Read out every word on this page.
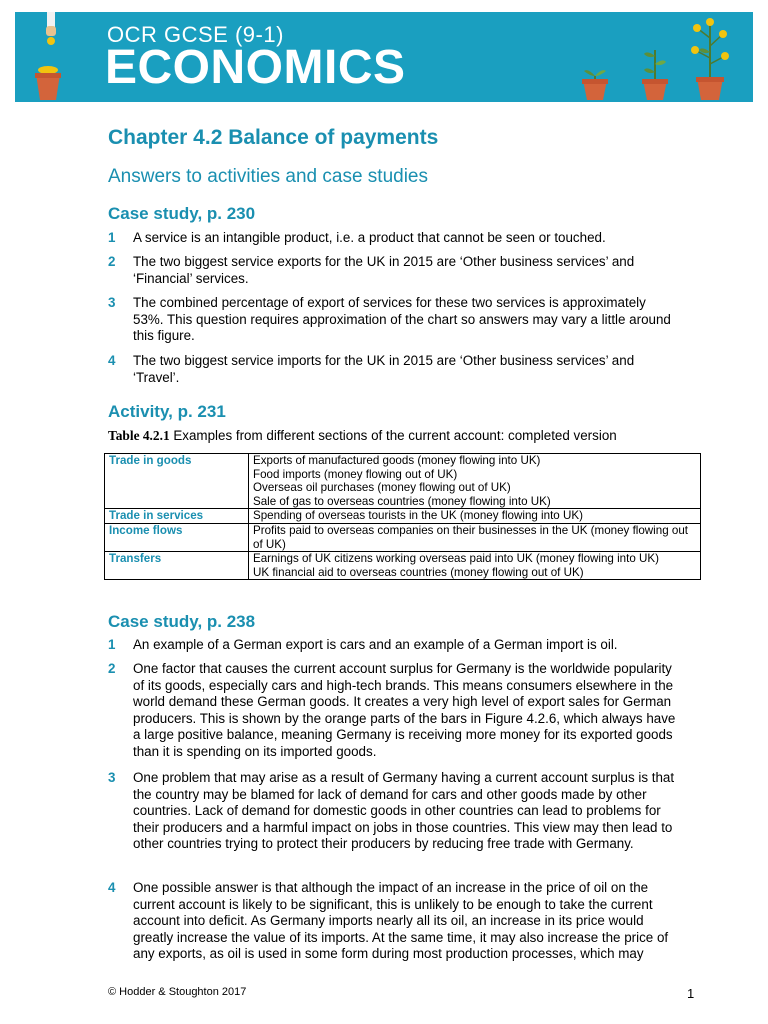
OCR GCSE (9-1)
ECONOMICS
Chapter 4.2 Balance of payments
Answers to activities and case studies
Case study, p. 230
1 A service is an intangible product, i.e. a product that cannot be seen or touched.
2 The two biggest service exports for the UK in 2015 are ‘Other business services’ and ‘Financial’ services.
3 The combined percentage of export of services for these two services is approximately 53%. This question requires approximation of the chart so answers may vary a little around this figure.
4 The two biggest service imports for the UK in 2015 are ‘Other business services’ and ‘Travel’.
Activity, p. 231
Table 4.2.1 Examples from different sections of the current account: completed version
Trade in goods	Exports of manufactured goods (money flowing into UK)
Food imports (money flowing out of UK)
Overseas oil purchases (money flowing out of UK)
Sale of gas to overseas countries (money flowing into UK)

Trade in services	Spending of overseas tourists in the UK (money flowing into UK)

Income flows	Profits paid to overseas companies on their businesses in the UK (money flowing out of UK)

Transfers	Earnings of UK citizens working overseas paid into UK (money flowing into UK)
UK financial aid to overseas countries (money flowing out of UK)
Case study, p. 238
1 An example of a German export is cars and an example of a German import is oil.
2 One factor that causes the current account surplus for Germany is the worldwide popularity of its goods, especially cars and high-tech brands. This means consumers elsewhere in the world demand these German goods. It creates a very high level of export sales for German producers. This is shown by the orange parts of the bars in Figure 4.2.6, which always have a large positive balance, meaning Germany is receiving more money for its exported goods than it is spending on its imported goods.
3 One problem that may arise as a result of Germany having a current account surplus is that the country may be blamed for lack of demand for cars and other goods made by other countries. Lack of demand for domestic goods in other countries can lead to problems for their producers and a harmful impact on jobs in those countries. This view may then lead to other countries trying to protect their producers by reducing free trade with Germany.
4 One possible answer is that although the impact of an increase in the price of oil on the current account is likely to be significant, this is unlikely to be enough to take the current account into deficit. As Germany imports nearly all its oil, an increase in its price would greatly increase the value of its imports. At the same time, it may also increase the price of any exports, as oil is used in some form during most production processes, which may
© Hodder & Stoughton 2017	1
